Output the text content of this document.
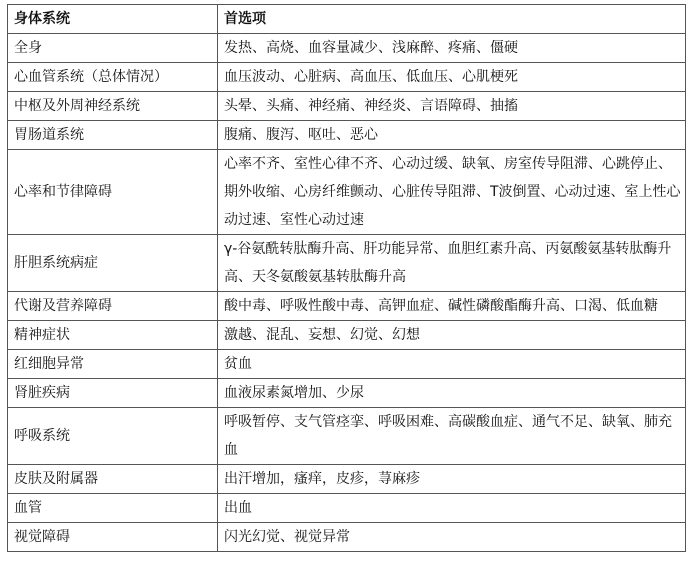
身体系统	首选项
全身	发热、高烧、血容量减少、浅麻醉、疼痛、僵硬
心血管系统（总体情况）	血压波动、心脏病、高血压、低血压、心肌梗死
中枢及外周神经系统	头晕、头痛、神经痛、神经炎、言语障碍、抽搐
胃肠道系统	腹痛、腹泻、呕吐、恶心
心率和节律障碍	心率不齐、室性心律不齐、心动过缓、缺氧、房室传导阻滞、心跳停止、期外收缩、心房纤维颤动、心脏传导阻滞、T波倒置、心动过速、室上性心动过速、室性心动过速
肝胆系统病症	γ-谷氨酰转肽酶升高、肝功能异常、血胆红素升高、丙氨酸氨基转肽酶升高、天冬氨酸氨基转肽酶升高
代谢及营养障碍	酸中毒、呼吸性酸中毒、高钾血症、碱性磷酸酯酶升高、口渴、低血糖
精神症状	激越、混乱、妄想、幻觉、幻想
红细胞异常	贫血
肾脏疾病	血液尿素氮增加、少尿
呼吸系统	呼吸暂停、支气管痉挛、呼吸困难、高碳酸血症、通气不足、缺氧、肺充血
皮肤及附属器	出汗增加，瘙痒，皮疹，荨麻疹
血管	出血
视觉障碍	闪光幻觉、视觉异常
